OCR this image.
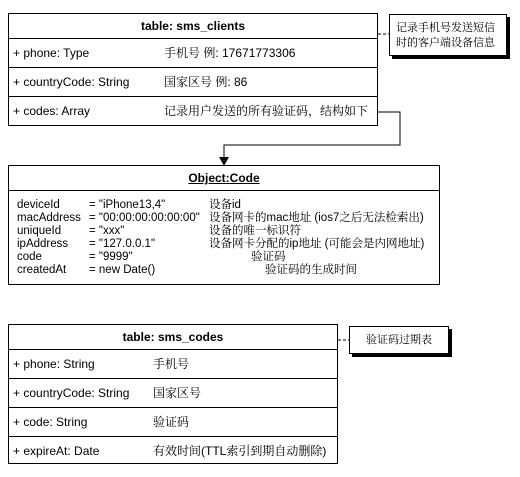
table: sms_clients
+ phone: Type	手机号 例: 17671773306
+ countryCode: String	国家区号 例: 86
+ codes: Array	记录用户发送的所有验证码，结构如下
记录手机号发送短信
时的客户端设备信息
Object:Code
deviceId	= "iPhone13,4"	设备id
macAddress = "00:00:00:00:00:00" 设备网卡的mac地址 (ios7之后无法检索出)
uniqueId = "xxx"	设备的唯一标识符
ipAddress = "127.0.0.1"	设备网卡分配的ip地址 (可能会是内网地址)
code	= "9999"	验证码
createdAt = new Date()	验证码的生成时间
table: sms_codes
+ phone: String	手机号
+ countryCode: String 国家区号
+ code: String	验证码
+ expireAt: Date	有效时间(TTL索引到期自动删除)
验证码过期表
